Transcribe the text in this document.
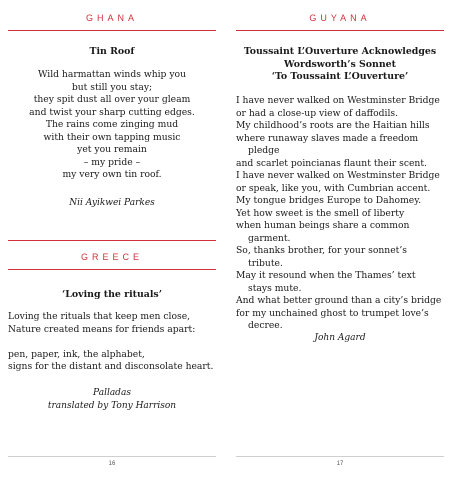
GHANA
Tin Roof
Wild harmattan winds whip you
but still you stay;
they spit dust all over your gleam
and twist your sharp cutting edges.
The rains come zinging mud
with their own tapping music
yet you remain
– my pride –
my very own tin roof.
Nii Ayikwei Parkes
GREECE
‘Loving the rituals’
Loving the rituals that keep men close,
Nature created means for friends apart:
pen, paper, ink, the alphabet,
signs for the distant and disconsolate heart.
Palladas
translated by Tony Harrison
16
GUYANA
Toussaint L’Ouverture Acknowledges
Wordsworth’s Sonnet
‘To Toussaint L’Ouverture’
I have never walked on Westminster Bridge
or had a close-up view of daffodils.
My childhood’s roots are the Haitian hills
where runaway slaves made a freedom
pledge
and scarlet poincianas flaunt their scent.
I have never walked on Westminster Bridge
or speak, like you, with Cumbrian accent.
My tongue bridges Europe to Dahomey.
Yet how sweet is the smell of liberty
when human beings share a common
garment.
So, thanks brother, for your sonnet’s
tribute.
May it resound when the Thames’ text
stays mute.
And what better ground than a city’s bridge
for my unchained ghost to trumpet love’s
decree.
John Agard
17
